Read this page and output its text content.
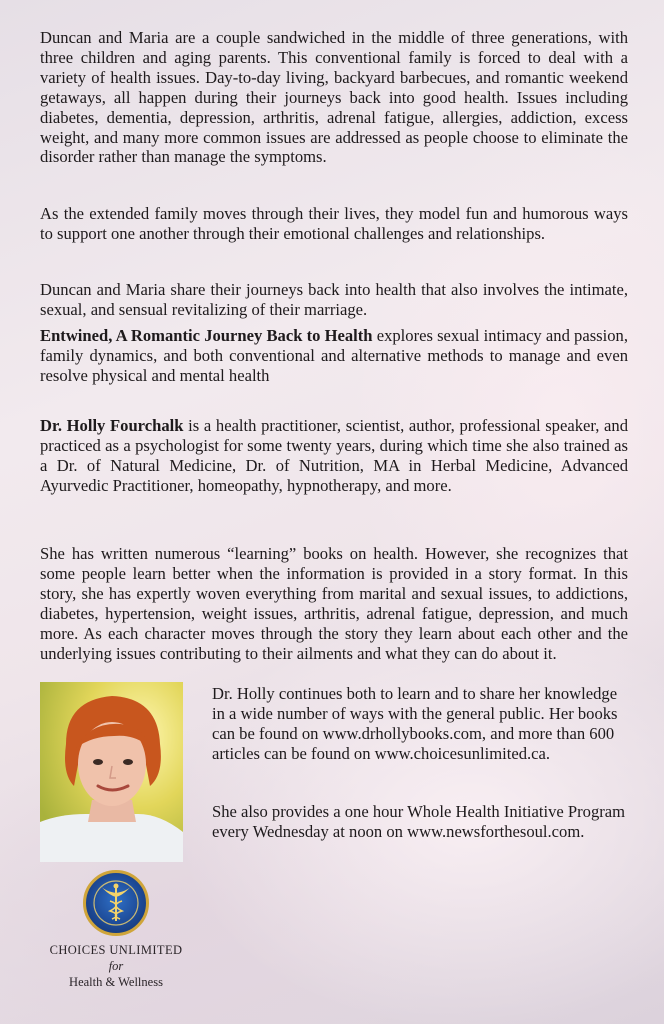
Duncan and Maria are a couple sandwiched in the middle of three generations, with three children and aging parents. This conventional family is forced to deal with a variety of health issues. Day-to-day living, backyard barbecues, and romantic weekend getaways, all happen during their journeys back into good health. Issues including diabetes, dementia, depression, arthritis, adrenal fatigue, allergies, addiction, excess weight, and many more common issues are addressed as people choose to eliminate the disorder rather than manage the symptoms.

As the extended family moves through their lives, they model fun and humorous ways to support one another through their emotional challenges and relationships.

Duncan and Maria share their journeys back into health that also involves the intimate, sexual, and sensual revitalizing of their marriage.

Entwined, A Romantic Journey Back to Health explores sexual intimacy and passion, family dynamics, and both conventional and alternative methods to manage and even resolve physical and mental health

Dr. Holly Fourchalk is a health practitioner, scientist, author, professional speaker, and practiced as a psychologist for some twenty years, during which time she also trained as a Dr. of Natural Medicine, Dr. of Nutrition, MA in Herbal Medicine, Advanced Ayurvedic Practitioner, homeopathy, hypnotherapy, and more.

She has written numerous “learning” books on health. However, she recognizes that some people learn better when the information is provided in a story format. In this story, she has expertly woven everything from marital and sexual issues, to addictions, diabetes, hypertension, weight issues, arthritis, adrenal fatigue, depression, and much more. As each character moves through the story they learn about each other and the underlying issues contributing to their ailments and what they can do about it.

Dr. Holly continues both to learn and to share her knowledge in a wide number of ways with the general public. Her books can be found on www.drhollybooks.com, and more than 600 articles can be found on www.choicesunlimited.ca.

She also provides a one hour Whole Health Initiative Program every Wednesday at noon on www.newsforthesoul.com.

CHOICES UNLIMITED
for
Health & Wellness
